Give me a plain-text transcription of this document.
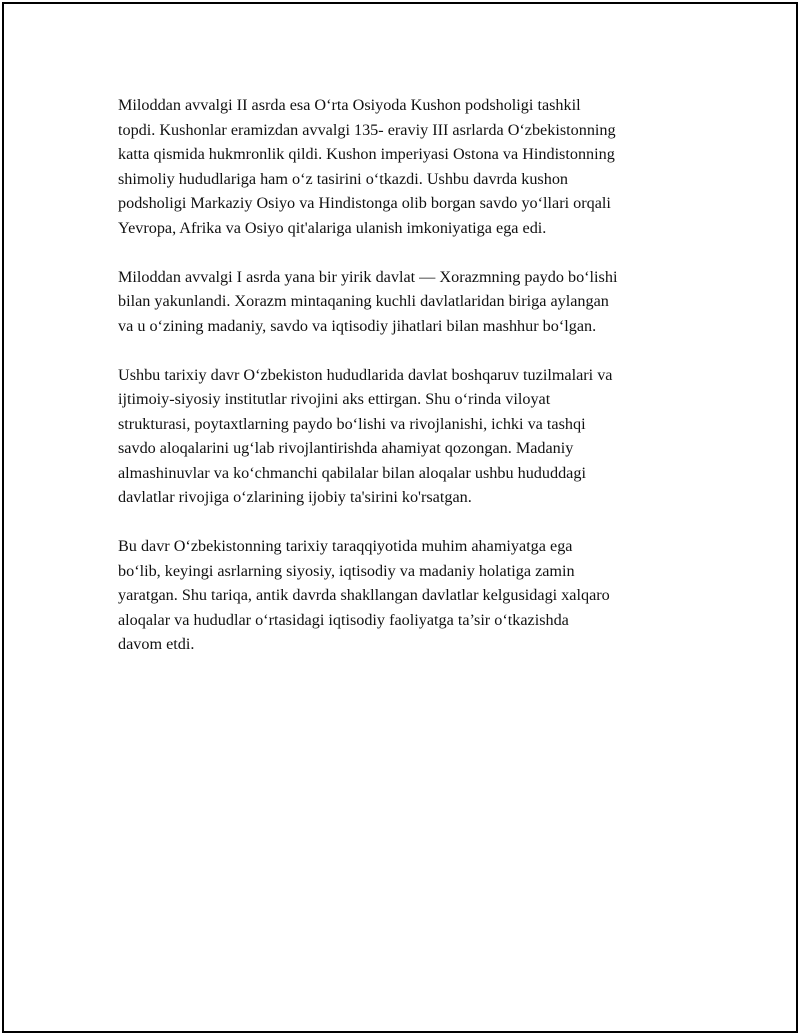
Miloddan avvalgi II asrda esa O‘rta Osiyoda Kushon podsholigi tashkil
topdi. Kushonlar eramizdan avvalgi 135- eraviy III asrlarda O‘zbekistonning
katta qismida hukmronlik qildi. Kushon imperiyasi Ostona va Hindistonning
shimoliy hududlariga ham o‘z tasirini o‘tkazdi. Ushbu davrda kushon
podsholigi Markaziy Osiyo va Hindistonga olib borgan savdo yo‘llari orqali
Yevropa, Afrika va Osiyo qit'alariga ulanish imkoniyatiga ega edi.

Miloddan avvalgi I asrda yana bir yirik davlat — Xorazmning paydo bo‘lishi
bilan yakunlandi. Xorazm mintaqaning kuchli davlatlaridan biriga aylangan
va u o‘zining madaniy, savdo va iqtisodiy jihatlari bilan mashhur bo‘lgan.

Ushbu tarixiy davr O‘zbekiston hududlarida davlat boshqaruv tuzilmalari va
ijtimoiy-siyosiy institutlar rivojini aks ettirgan. Shu o‘rinda viloyat
strukturasi, poytaxtlarning paydo bo‘lishi va rivojlanishi, ichki va tashqi
savdo aloqalarini ug‘lab rivojlantirishda ahamiyat qozongan. Madaniy
almashinuvlar va ko‘chmanchi qabilalar bilan aloqalar ushbu hududdagi
davlatlar rivojiga o‘zlarining ijobiy ta'sirini ko'rsatgan.

Bu davr O‘zbekistonning tarixiy taraqqiyotida muhim ahamiyatga ega
bo‘lib, keyingi asrlarning siyosiy, iqtisodiy va madaniy holatiga zamin
yaratgan. Shu tariqa, antik davrda shakllangan davlatlar kelgusidagi xalqaro
aloqalar va hududlar o‘rtasidagi iqtisodiy faoliyatga ta’sir o‘tkazishda
davom etdi.
